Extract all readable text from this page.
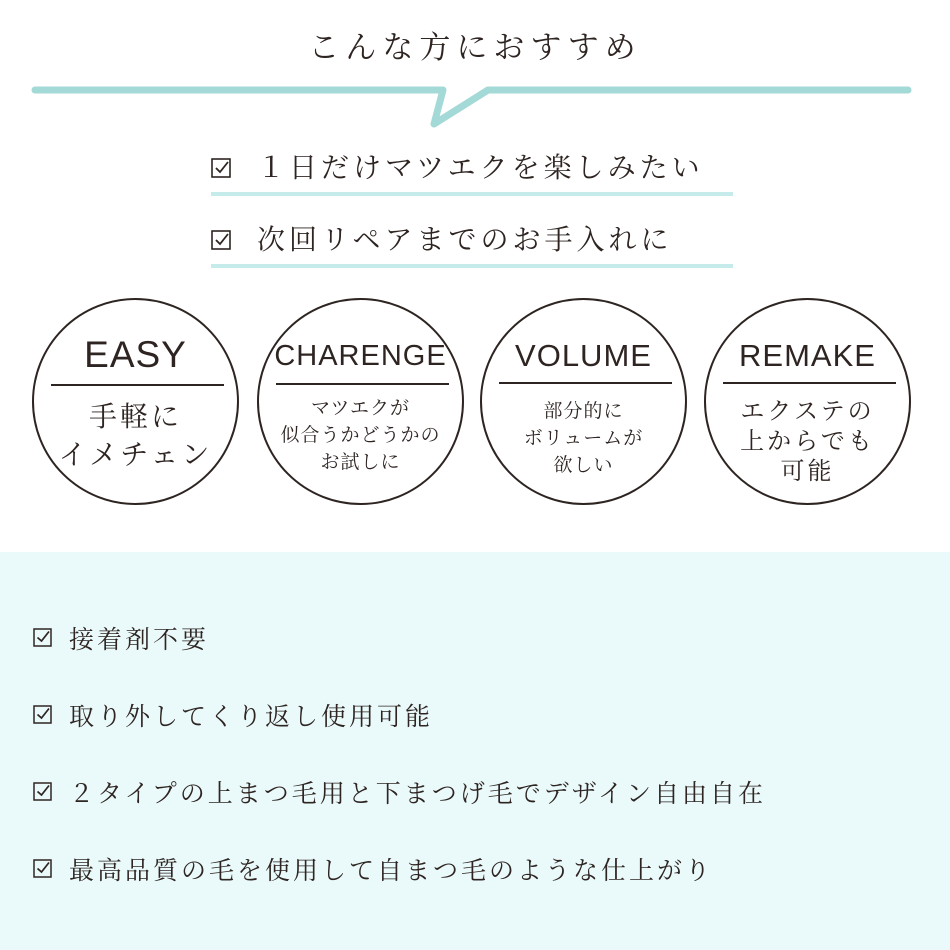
こんな方におすすめ
１日だけマツエクを楽しみたい
次回リペアまでのお手入れに
EASY
手軽に
イメチェン
CHARENGE
マツエクが
似合うかどうかの
お試しに
VOLUME
部分的に
ボリュームが
欲しい
REMAKE
エクステの
上からでも
可能
接着剤不要
取り外してくり返し使用可能
２タイプの上まつ毛用と下まつげ毛でデザイン自由自在
最高品質の毛を使用して自まつ毛のような仕上がり
